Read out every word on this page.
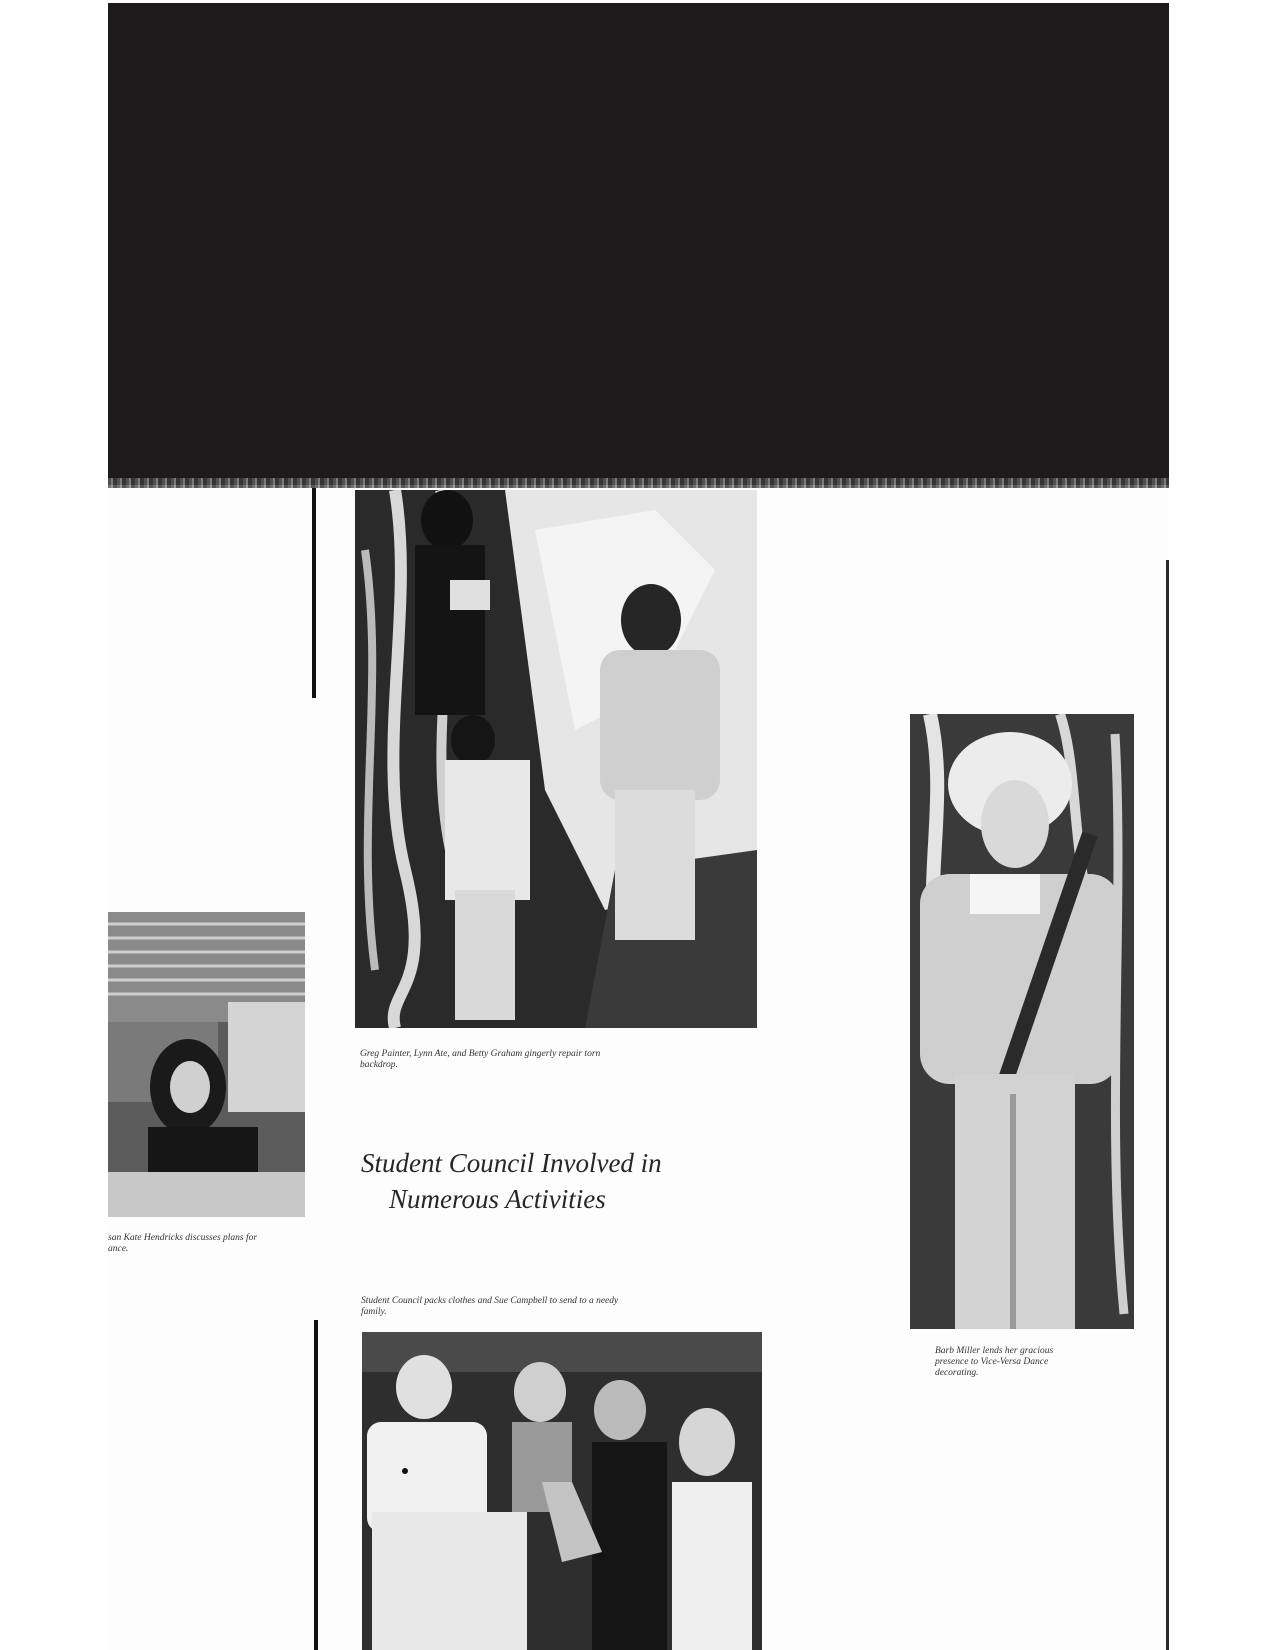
Greg Painter, Lynn Ate, and Betty Graham gingerly repair torn backdrop.

san Kate Hendricks discusses plans for ance.

Student Council Involved in
Numerous Activities

Student Council packs clothes and Sue Campbell to send to a needy family.

Barb Miller lends her gracious presence to Vice-Versa Dance decorating.
